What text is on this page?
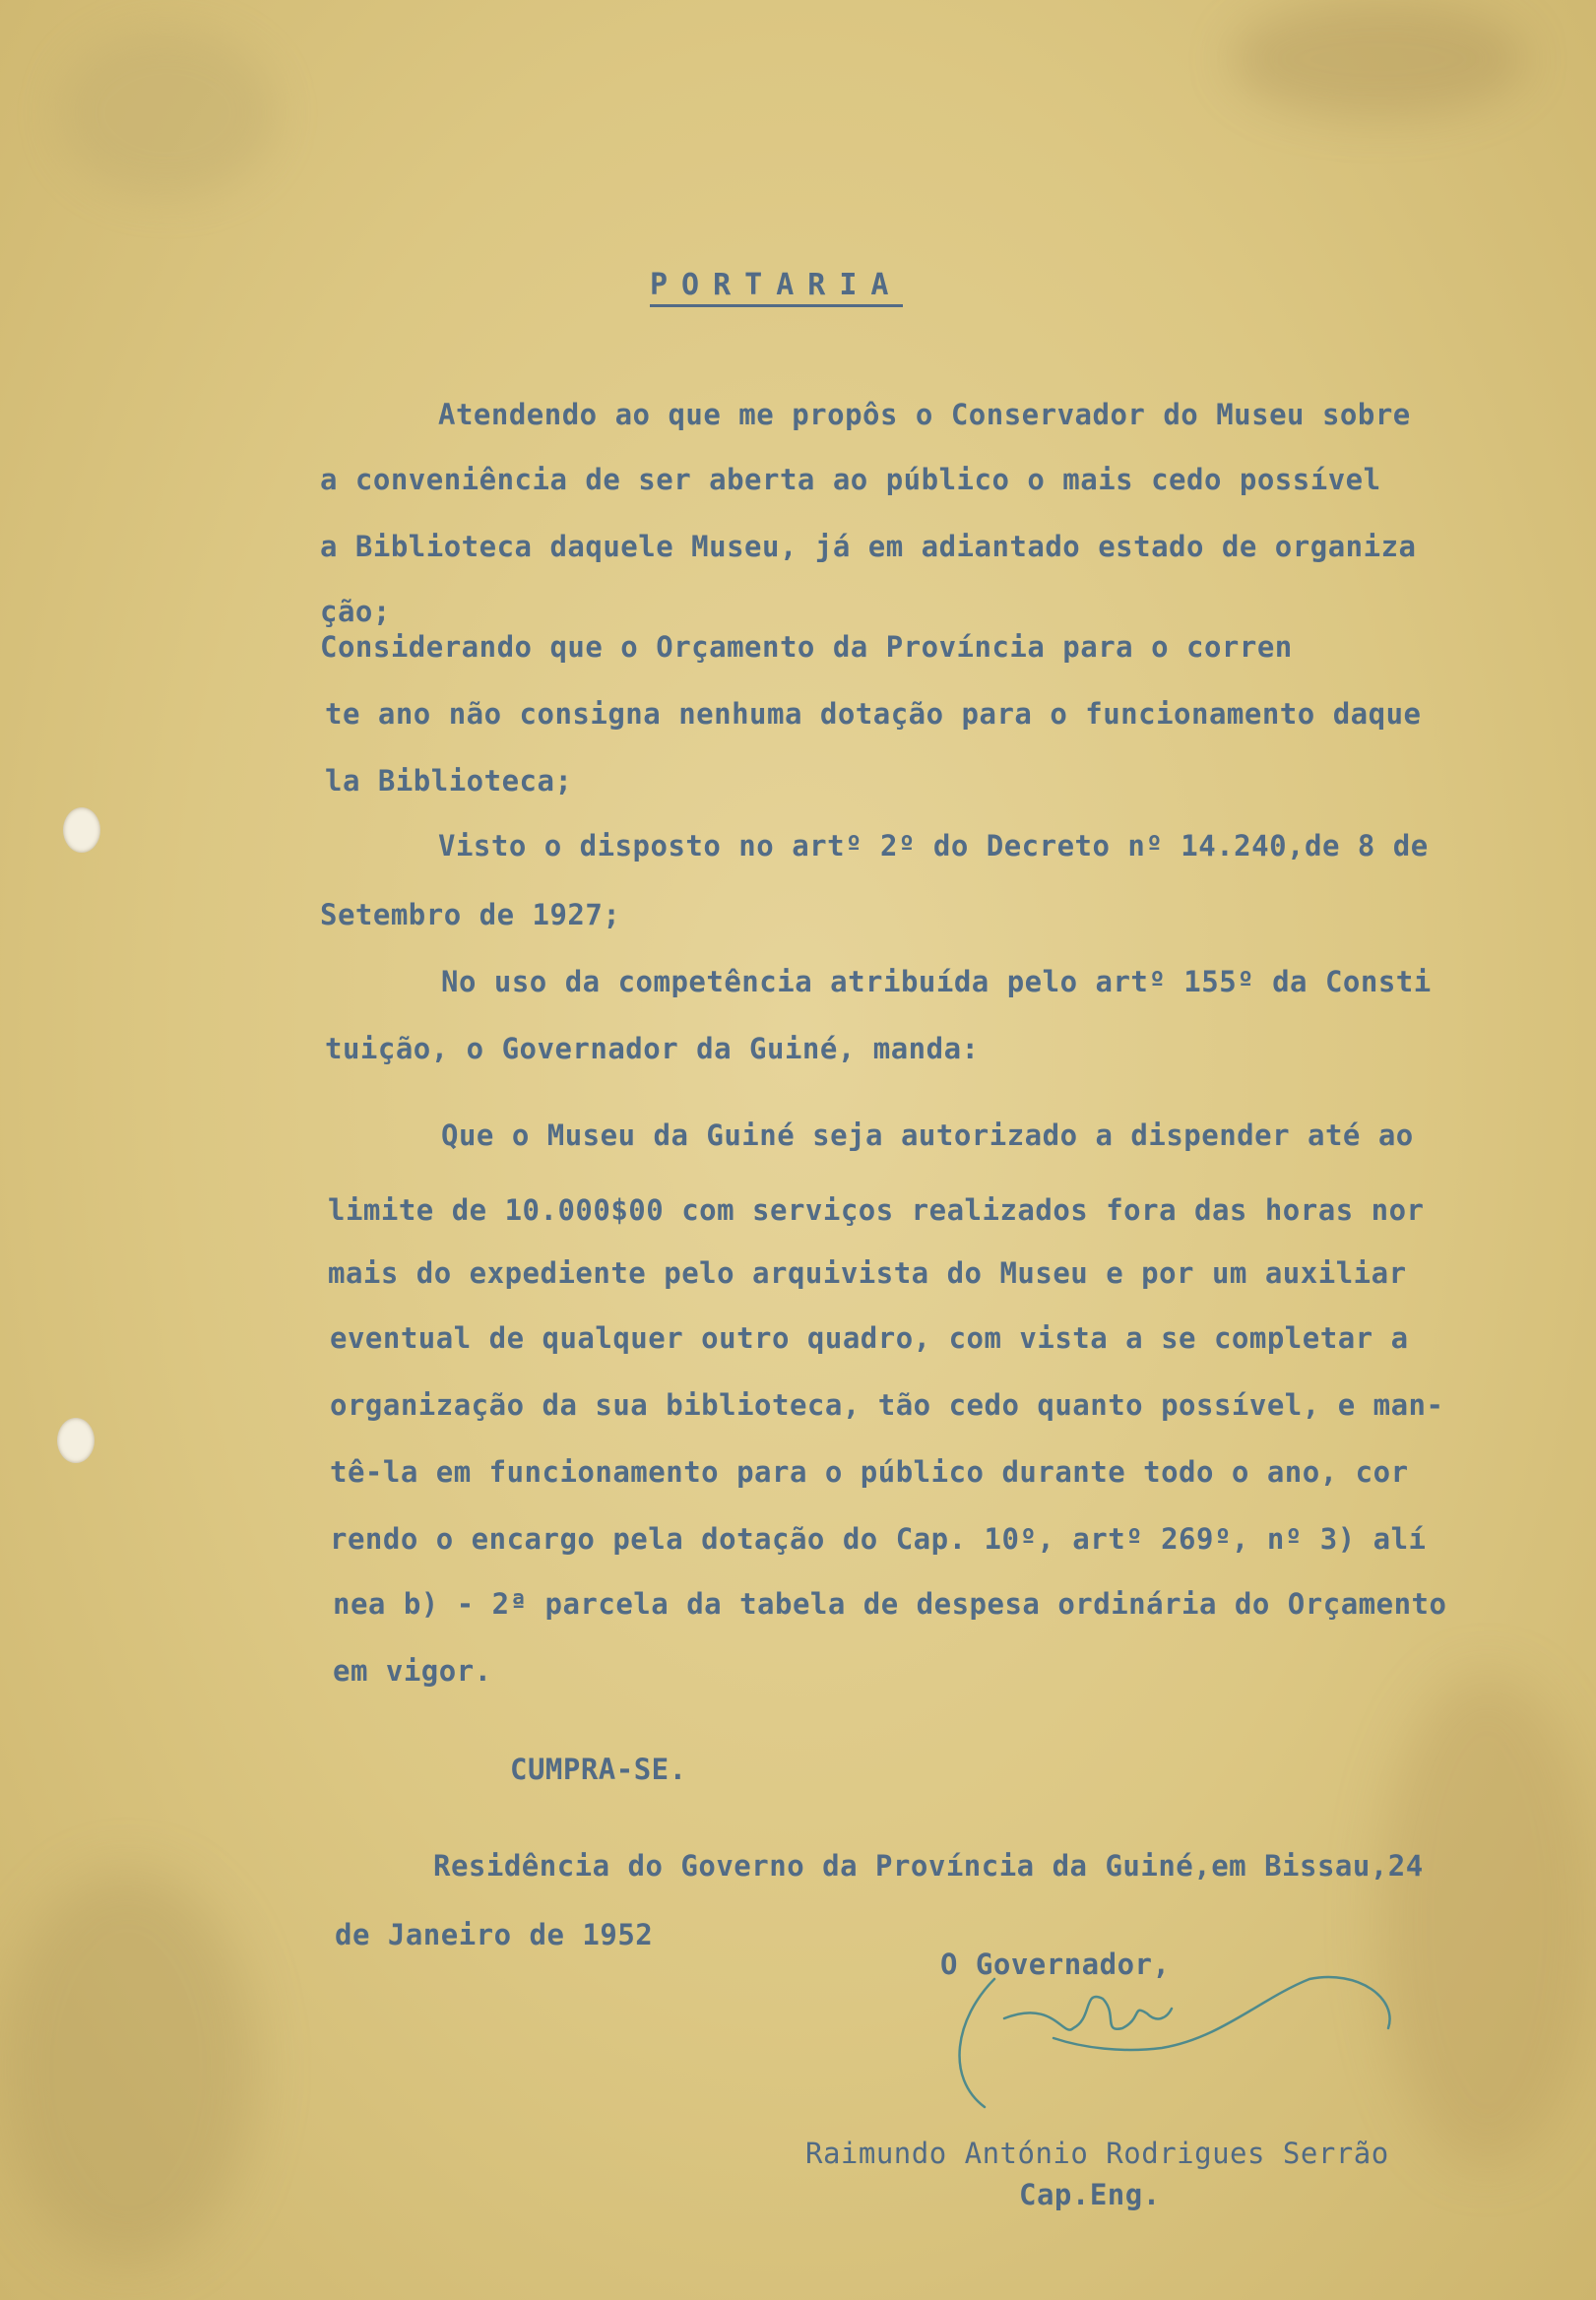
PORTARIA
Atendendo ao que me propôs o Conservador do Museu sobre
a conveniência de ser aberta ao público o mais cedo possível
a Biblioteca daquele Museu, já em adiantado estado de organiza
ção;
Considerando que o Orçamento da Província para o corren
te ano não consigna nenhuma dotação para o funcionamento daque
la Biblioteca;
Visto o disposto no artº 2º do Decreto nº 14.240,de 8 de
Setembro de 1927;
No uso da competência atribuída pelo artº 155º da Consti
tuição, o Governador da Guiné, manda:
Que o Museu da Guiné seja autorizado a dispender até ao
limite de 10.000$00 com serviços realizados fora das horas nor
mais do expediente pelo arquivista do Museu e por um auxiliar
eventual de qualquer outro quadro, com vista a se completar a
organização da sua biblioteca, tão cedo quanto possível, e man-
tê-la em funcionamento para o público durante todo o ano, cor
rendo o encargo pela dotação do Cap. 10º, artº 269º, nº 3) alí
nea b) - 2ª parcela da tabela de despesa ordinária do Orçamento
em vigor.
CUMPRA-SE.
Residência do Governo da Província da Guiné,em Bissau,24
de Janeiro de 1952
O Governador,
Raimundo António Rodrigues Serrão
Cap.Eng.
